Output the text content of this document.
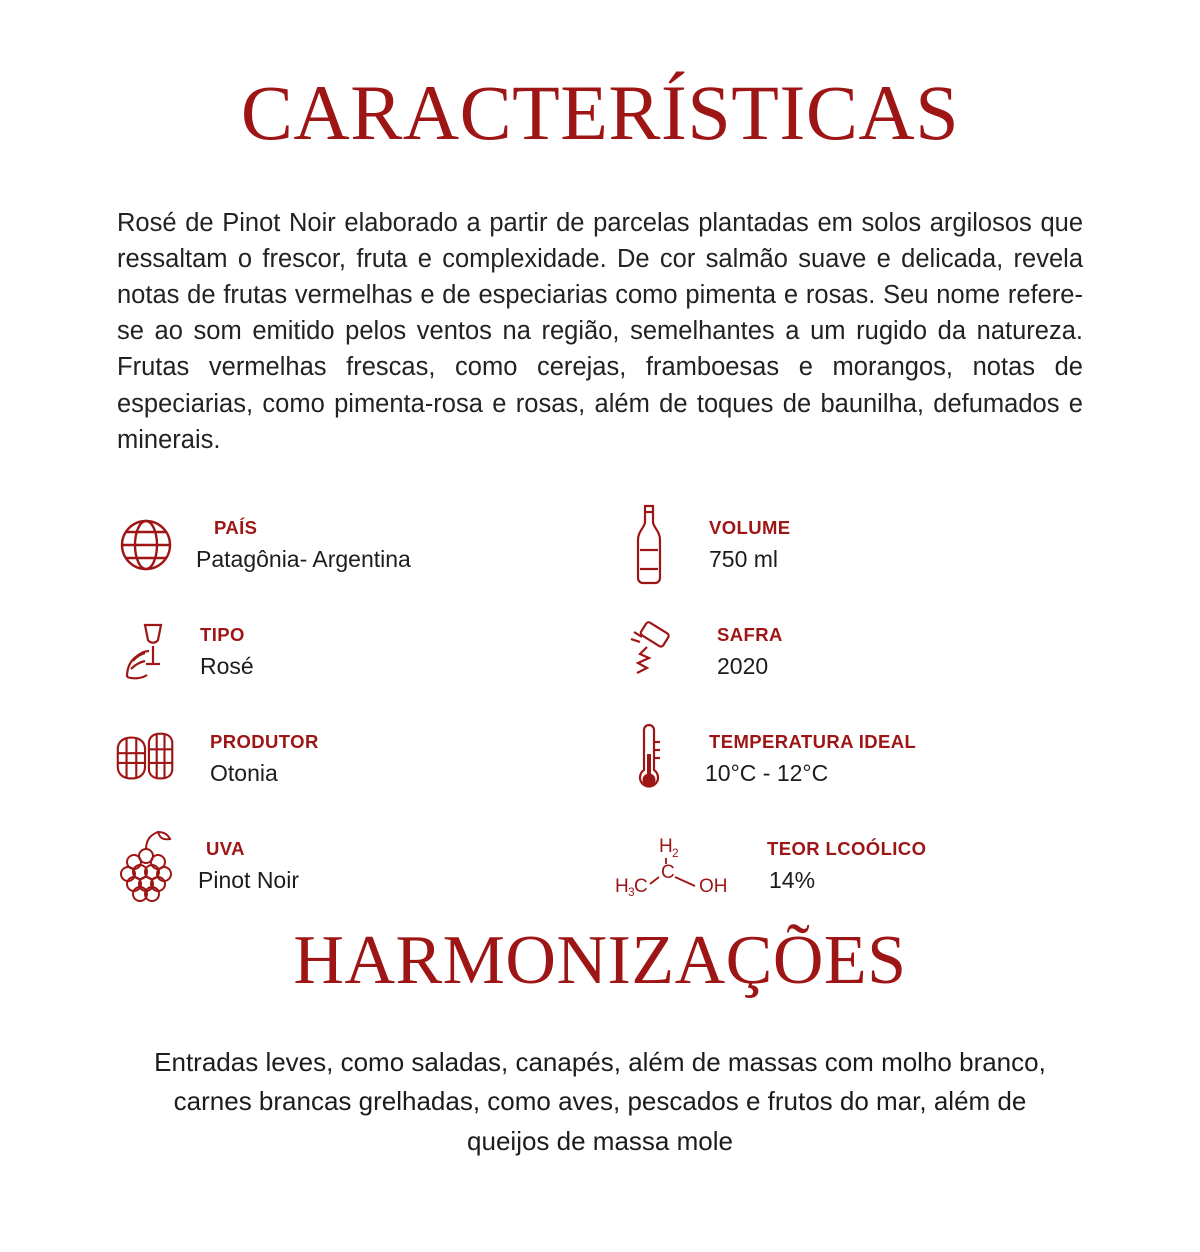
CARACTERÍSTICAS

Rosé de Pinot Noir elaborado a partir de parcelas plantadas em solos argilosos que ressaltam o frescor, fruta e complexidade. De cor salmão suave e delicada, revela notas de frutas vermelhas e de especiarias como pimenta e rosas. Seu nome refere-se ao som emitido pelos ventos na região, semelhantes a um rugido da natureza. Frutas vermelhas frescas, como cerejas, framboesas e morangos, notas de especiarias, como pimenta-rosa e rosas, além de toques de baunilha, defumados e minerais.

PAÍS
Patagônia- Argentina
VOLUME
750 ml
TIPO
Rosé
SAFRA
2020
PRODUTOR
Otonia
TEMPERATURA IDEAL
10°C - 12°C
UVA
Pinot Noir
H 2
C
H 3 C	OH
TEOR LCOÓLICO
14%
HARMONIZAÇÕES

Entradas leves, como saladas, canapés, além de massas com molho branco, carnes brancas grelhadas, como aves, pescados e frutos do mar, além de queijos de massa mole
